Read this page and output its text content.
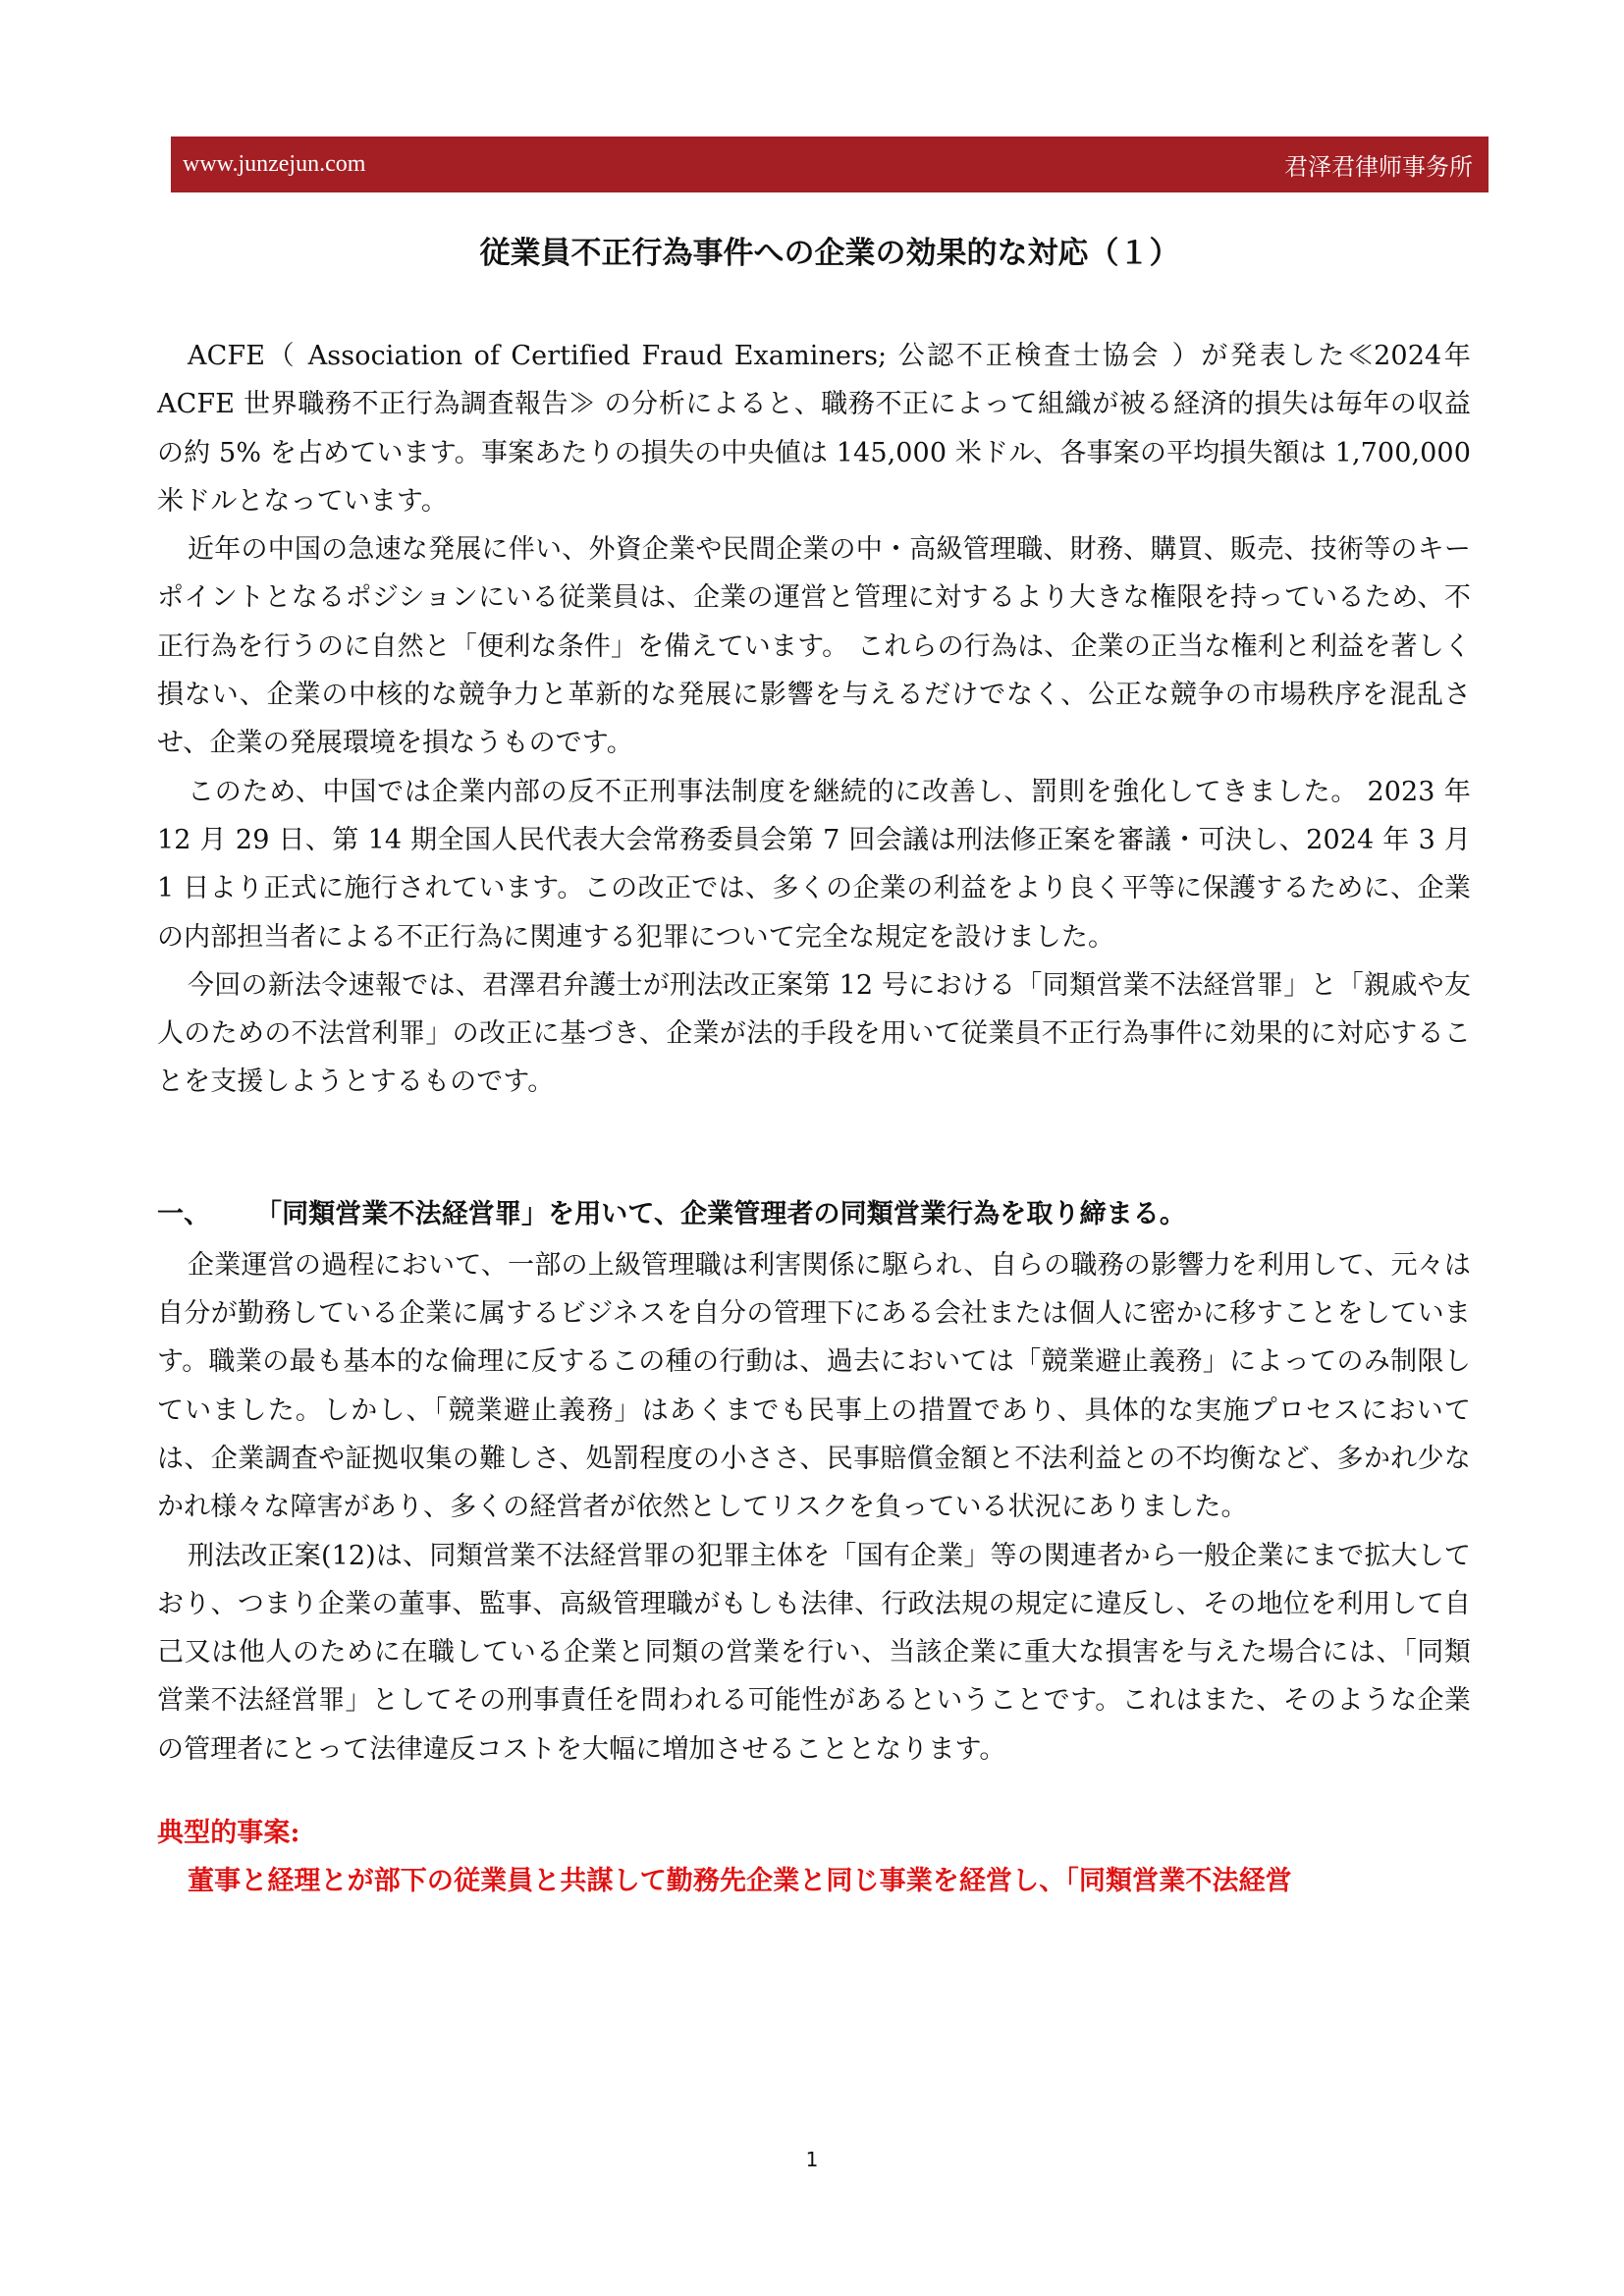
www.junzejun.com	君泽君律师事务所
従業員不正行為事件への企業の効果的な対応（１）

ACFE（ Association of Certified Fraud Examiners; 公認不正検査士協会 ）が発表した≪2024年 ACFE 世界職務不正行為調査報告≫ の分析によると、職務不正によって組織が被る経済的損失は毎年の収益の約 5% を占めています。事案あたりの損失の中央値は 145,000 米ドル、各事案の平均損失額は 1,700,000 米ドルとなっています。

近年の中国の急速な発展に伴い、外資企業や民間企業の中・高級管理職、財務、購買、販売、技術等のキーポイントとなるポジションにいる従業員は、企業の運営と管理に対するより大きな権限を持っているため、不正行為を行うのに自然と「便利な条件」を備えています。 これらの行為は、企業の正当な権利と利益を著しく損ない、企業の中核的な競争力と革新的な発展に影響を与えるだけでなく、公正な競争の市場秩序を混乱させ、企業の発展環境を損なうものです。

このため、中国では企業内部の反不正刑事法制度を継続的に改善し、罰則を強化してきました。 2023 年 12 月 29 日、第 14 期全国人民代表大会常務委員会第 7 回会議は刑法修正案を審議・可決し、2024 年 3 月 1 日より正式に施行されています。この改正では、多くの企業の利益をより良く平等に保護するために、企業の内部担当者による不正行為に関連する犯罪について完全な規定を設けました。

今回の新法令速報では、君澤君弁護士が刑法改正案第 12 号における「同類営業不法経営罪」と「親戚や友人のための不法営利罪」の改正に基づき、企業が法的手段を用いて従業員不正行為事件に効果的に対応することを支援しようとするものです。

一、 「同類営業不法経営罪」を用いて、企業管理者の同類営業行為を取り締まる。

企業運営の過程において、一部の上級管理職は利害関係に駆られ、自らの職務の影響力を利用して、元々は自分が勤務している企業に属するビジネスを自分の管理下にある会社または個人に密かに移すことをしています。職業の最も基本的な倫理に反するこの種の行動は、過去においては「競業避止義務」によってのみ制限していました。しかし、「競業避止義務」はあくまでも民事上の措置であり、具体的な実施プロセスにおいては、企業調査や証拠収集の難しさ、処罰程度の小ささ、民事賠償金額と不法利益との不均衡など、多かれ少なかれ様々な障害があり、多くの経営者が依然としてリスクを負っている状況にありました。

刑法改正案(12)は、同類営業不法経営罪の犯罪主体を「国有企業」等の関連者から一般企業にまで拡大しており、つまり企業の董事、監事、高級管理職がもしも法律、行政法規の規定に違反し、その地位を利用して自己又は他人のために在職している企業と同類の営業を行い、当該企業に重大な損害を与えた場合には、「同類営業不法経営罪」としてその刑事責任を問われる可能性があるということです。これはまた、そのような企業の管理者にとって法律違反コストを大幅に増加させることとなります。

典型的事案:
董事と経理とが部下の従業員と共謀して勤務先企業と同じ事業を経営し、「同類営業不法経営
1
